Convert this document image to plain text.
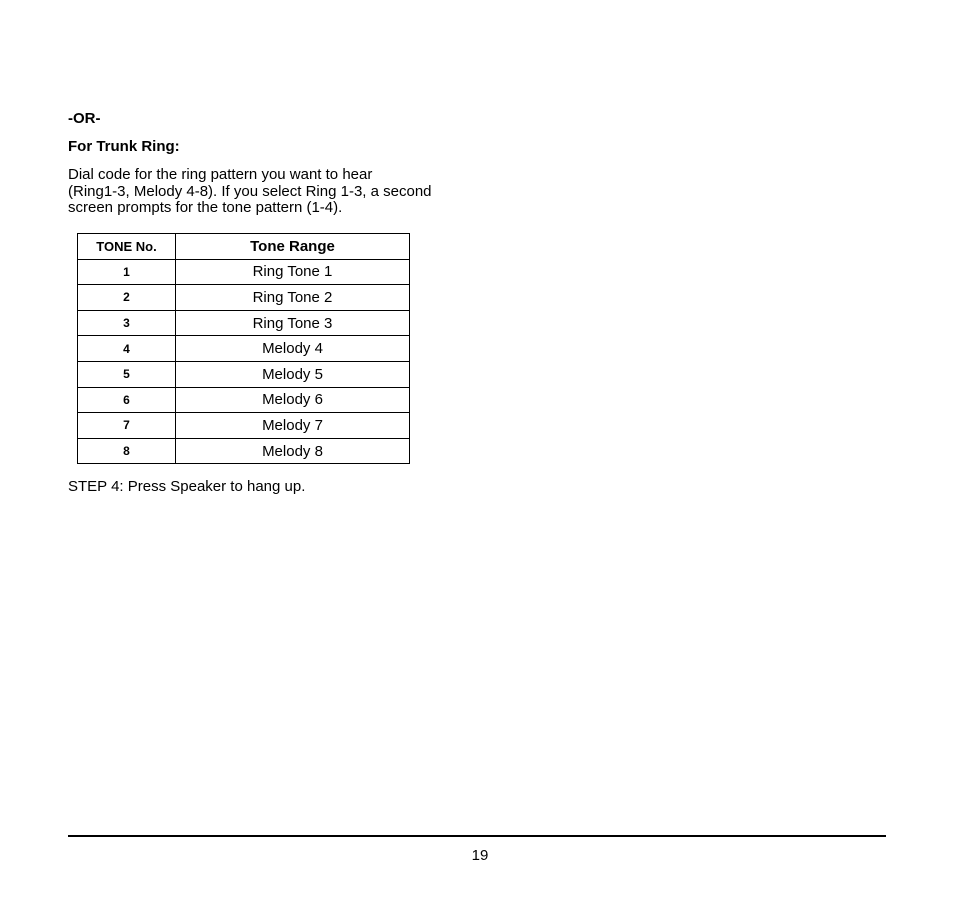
-OR-
For Trunk Ring:
Dial code for the ring pattern you want to hear
(Ring1-3, Melody 4-8). If you select Ring 1-3, a second
screen prompts for the tone pattern (1-4).
TONE No.	Tone Range
1	Ring Tone 1
2	Ring Tone 2
3	Ring Tone 3
4	Melody 4
5	Melody 5
6	Melody 6
7	Melody 7
8	Melody 8
STEP 4: Press Speaker to hang up.
19
